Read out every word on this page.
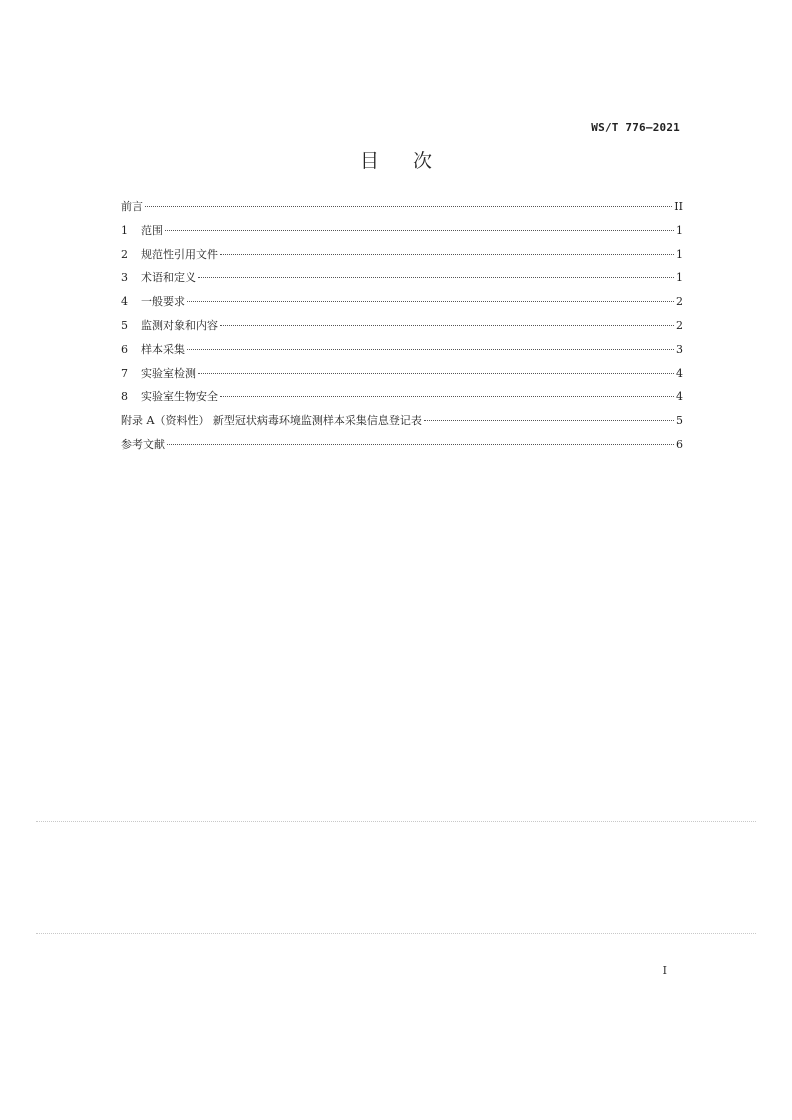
WS/T 776—2021
目次
前言	II
1	范围	1
2	规范性引用文件	1
3	术语和定义	1
4	一般要求	2
5	监测对象和内容	2
6	样本采集	3
7	实验室检测	4
8	实验室生物安全	4
附录 A（资料性） 新型冠状病毒环境监测样本采集信息登记表	5
参考文献	6
I
